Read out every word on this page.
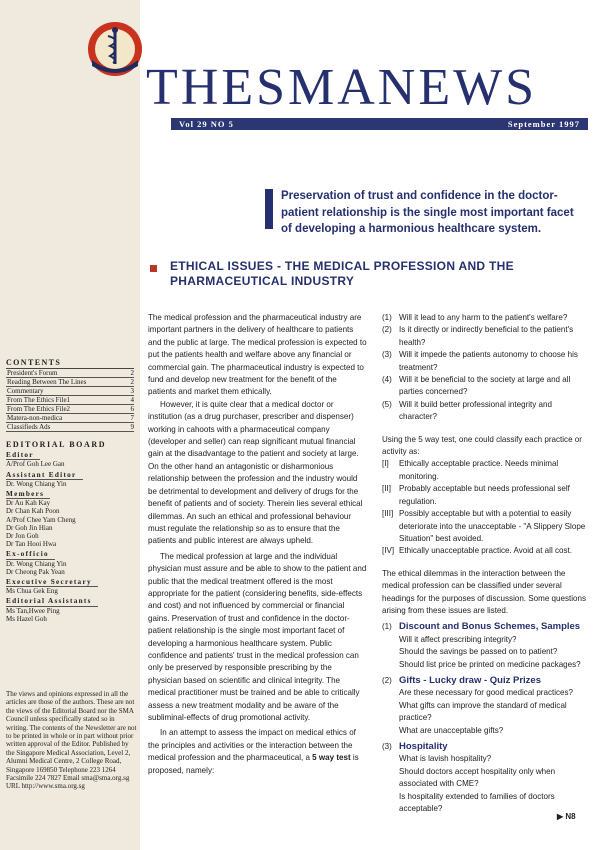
CONTENTS
President's Forum	2
Reading Between The Lines	2
Commentary	3
From The Ethics File1	4
From The Ethics File2	6
Matera-non-medica	7
Classifieds Ads	9
EDITORIAL BOARD
Editor
A/Prof Goh Lee Gan
Assistant Editor
Dr. Wong Chiang Yin
Members
Dr Au Kah Kay
Dr Chan Kah Poon
A/Prof Chee Yam Cheng
Dr Goh Jin Hian
Dr Jon Goh
Dr Tan Hooi Hwa
Ex-officio
Dr. Wong Chiang Yin
Dr Cheong Pak Yean
Executive Secretary
Ms Chua Gek Eng
Editorial Assistants
Ms Tan,Hwee Ping
Ms Hazel Goh
The views and opinions expressed in all the articles are those of the authors. These are not the views of the Editorial Board nor the SMA Council unless specifically stated so in writing. The contents of the Newsletter are not to be printed in whole or in part without prior written approval of the Editor. Published by the Singapore Medical Association, Level 2, Alumni Medical Centre, 2 College Road, Singapore 169850 Telephone 223 1264 Facsimile 224 7827 Email sma@sma.org.sg URL http://www.sma.org.sg
THESMANEWS
Vol 29 NO 5	September 1997
Preservation of trust and confidence in the doctor-patient relationship is the single most important facet of developing a harmonious healthcare system.
ETHICAL ISSUES - THE MEDICAL PROFESSION AND THE PHARMACEUTICAL INDUSTRY

The medical profession and the pharmaceutical industry are important partners in the delivery of healthcare to patients and the public at large. The medical profession is expected to put the patients health and welfare above any financial or commercial gain. The pharmaceutical industry is expected to fund and develop new treatment for the benefit of the patients and market them ethically.

However, it is quite clear that a medical doctor or institution (as a drug purchaser, prescriber and dispenser) working in cahoots with a pharmaceutical company (developer and seller) can reap significant mutual financial gain at the disadvantage to the patient and society at large. On the other hand an antagonistic or disharmonious relationship between the profession and the industry would be detrimental to development and delivery of drugs for the benefit of patients and of society. Therein lies several ethical dilemmas. An such an ethical and professional behaviour must regulate the relationship so as to ensure that the patients and public interest are always upheld.

The medical profession at large and the individual physician must assure and be able to show to the patient and public that the medical treatment offered is the most appropriate for the patient (considering benefits, side-effects and cost) and not influenced by commercial or financial gains. Preservation of trust and confidence in the doctor-patient relationship is the single most important facet of developing a harmonious healthcare system. Public confidence and patients' trust in the medical profession can only be preserved by responsible prescribing by the physician based on scientific and clinical integrity. The medical practitioner must be trained and be able to critically assess a new treatment modality and be aware of the subliminal-effects of drug promotional activity.

In an attempt to assess the impact on medical ethics of the principles and activities or the interaction between the medical profession and the pharmaceutical, a 5 way test is proposed, namely:

(1) Will it lead to any harm to the patient's welfare?
(2) Is it directly or indirectly beneficial to the patient's health?
(3) Will it impede the patients autonomy to choose his treatment?
(4) Will it be beneficial to the society at large and all parties concerned?
(5) Will it build better professional integrity and character?

Using the 5 way test, one could classify each practice or activity as:

[I]	Ethically acceptable practice. Needs minimal monitoring.
[II] Probably acceptable but needs professional self regulation.
[III] Possibly acceptable but with a potential to easily deteriorate into the unacceptable - "A Slippery Slope Situation" best avoided.
[IV] Ethically unacceptable practice. Avoid at all cost.

The ethical dilemmas in the interaction between the medical profession can be classified under several headings for the purposes of discussion. Some questions arising from these issues are listed.

(1) Discount and Bonus Schemes, Samples
Will it affect prescribing integrity?
Should the savings be passed on to patient?
Should list price be printed on medicine packages?
(2) Gifts - Lucky draw - Quiz Prizes
Are these necessary for good medical practices?
What gifts can improve the standard of medical practice?
What are unacceptable gifts?
(3) Hospitality
What is lavish hospitality?
Should doctors accept hospitality only when associated with CME?
Is hospitality extended to families of doctors acceptable?
▶ N8
